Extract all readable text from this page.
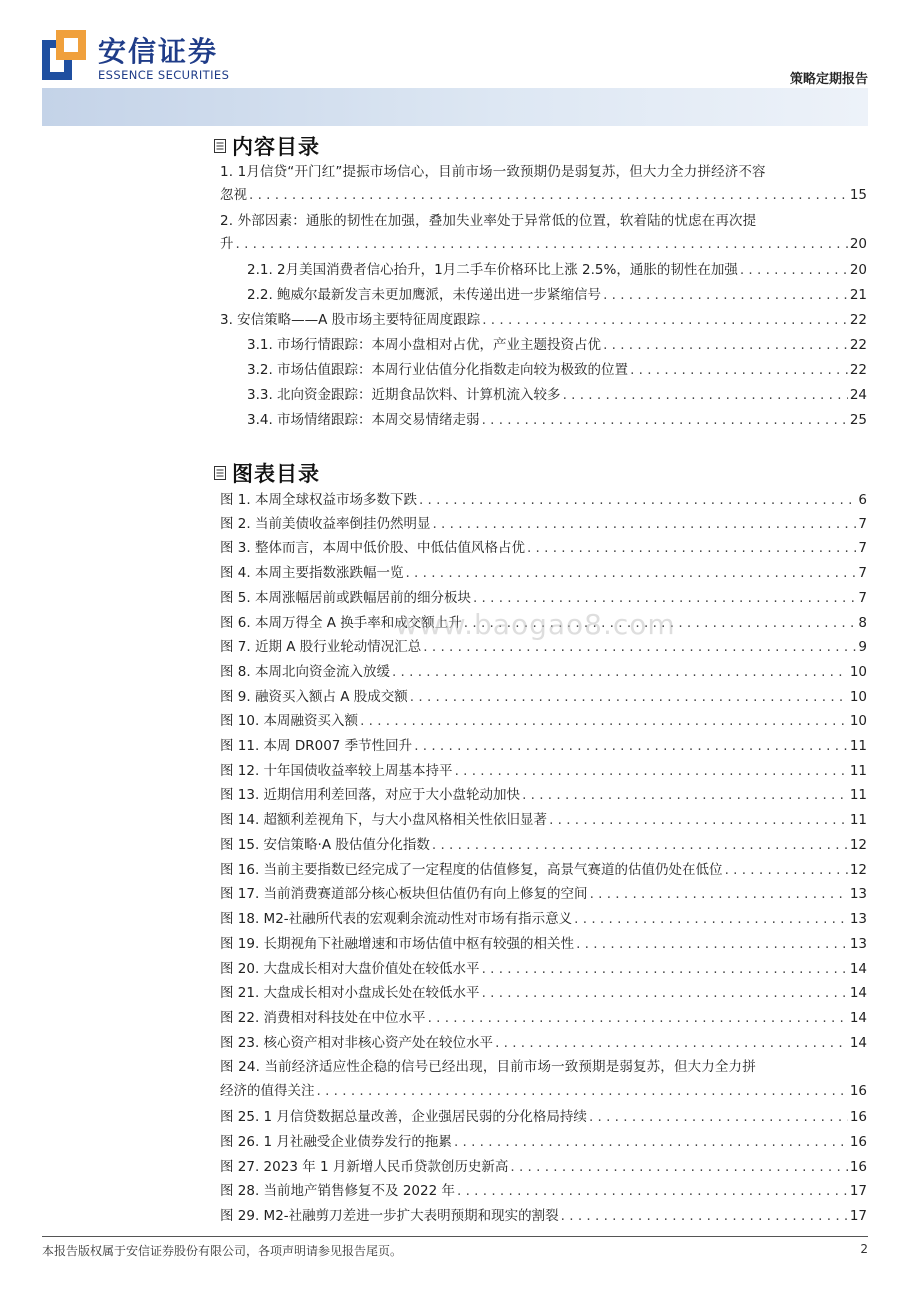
安信证券
ESSENCE SECURITIES	策略定期报告
内容目录
1. 1月信贷“开门红”提振市场信心，目前市场一致预期仍是弱复苏，但大力全力拼经济不容
忽视 . . .	15
2. 外部因素：通胀的韧性在加强，叠加失业率处于异常低的位置，软着陆的忧虑在再次提
升 . . .	20
2.1. 2月美国消费者信心抬升，1月二手车价格环比上涨 2.5%，通胀的韧性在加强 . . .	20
2.2. 鲍威尔最新发言未更加鹰派，未传递出进一步紧缩信号 . . .	21
3. 安信策略——A 股市场主要特征周度跟踪 . . .	22
3.1. 市场行情跟踪：本周小盘相对占优，产业主题投资占优 . . .	22
3.2. 市场估值跟踪：本周行业估值分化指数走向较为极致的位置 . . .	22
3.3. 北向资金跟踪：近期食品饮料、计算机流入较多 . . .	24
3.4. 市场情绪跟踪：本周交易情绪走弱 . . .	25
图表目录
图 1. 本周全球权益市场多数下跌 . . .	6
图 2. 当前美债收益率倒挂仍然明显 . . .	7
图 3. 整体而言，本周中低价股、中低估值风格占优 . . .	7
图 4. 本周主要指数涨跌幅一览 . . .	7
图 5. 本周涨幅居前或跌幅居前的细分板块 . . .	7
图 6. 本周万得全 A 换手率和成交额上升 . . .	8
图 7. 近期 A 股行业轮动情况汇总 . . .	9
图 8. 本周北向资金流入放缓 . . .	10
图 9. 融资买入额占 A 股成交额 . . .	10
图 10. 本周融资买入额 . . .	10
图 11. 本周 DR007 季节性回升 . . .	11
图 12. 十年国债收益率较上周基本持平 . . .	11
图 13. 近期信用利差回落，对应于大小盘轮动加快 . . .	11
图 14. 超额利差视角下，与大小盘风格相关性依旧显著 . . .	11
图 15. 安信策略·A 股估值分化指数 . . .	12
图 16. 当前主要指数已经完成了一定程度的估值修复，高景气赛道的估值仍处在低位 . . .	12
图 17. 当前消费赛道部分核心板块但估值仍有向上修复的空间 . . .	13
图 18. M2-社融所代表的宏观剩余流动性对市场有指示意义 . . .	13
图 19. 长期视角下社融增速和市场估值中枢有较强的相关性 . . .	13
图 20. 大盘成长相对大盘价值处在较低水平 . . .	14
图 21. 大盘成长相对小盘成长处在较低水平 . . .	14
图 22. 消费相对科技处在中位水平 . . .	14
图 23. 核心资产相对非核心资产处在较位水平 . . .	14
图 24. 当前经济适应性企稳的信号已经出现，目前市场一致预期是弱复苏，但大力全力拼
经济的值得关注 . . .	16
图 25. 1 月信贷数据总量改善，企业强居民弱的分化格局持续 . . .	16
图 26. 1 月社融受企业债券发行的拖累 . . .	16
图 27. 2023 年 1 月新增人民币贷款创历史新高 . . .	16
图 28. 当前地产销售修复不及 2022 年 . . .	17
图 29. M2-社融剪刀差进一步扩大表明预期和现实的割裂 . . .	17
www.baogao8.com
本报告版权属于安信证券股份有限公司，各项声明请参见报告尾页。	2
